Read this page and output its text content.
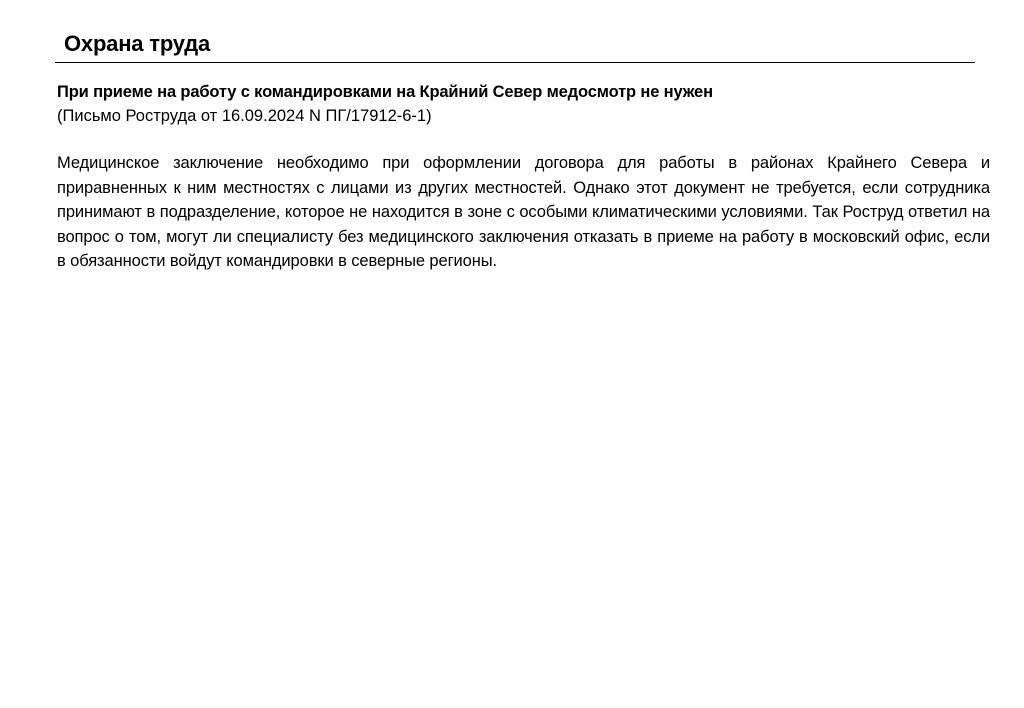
Охрана труда

При приеме на работу с командировками на Крайний Север медосмотр не нужен

(Письмо Роструда от 16.09.2024 N ПГ/17912-6-1)

Медицинское заключение необходимо при оформлении договора для работы в районах Крайнего Севера и приравненных к ним местностях с лицами из других местностей. Однако этот документ не требуется, если сотрудника принимают в подразделение, которое не находится в зоне с особыми климатическими условиями. Так Роструд ответил на вопрос о том, могут ли специалисту без медицинского заключения отказать в приеме на работу в московский офис, если в обязанности войдут командировки в северные регионы.
